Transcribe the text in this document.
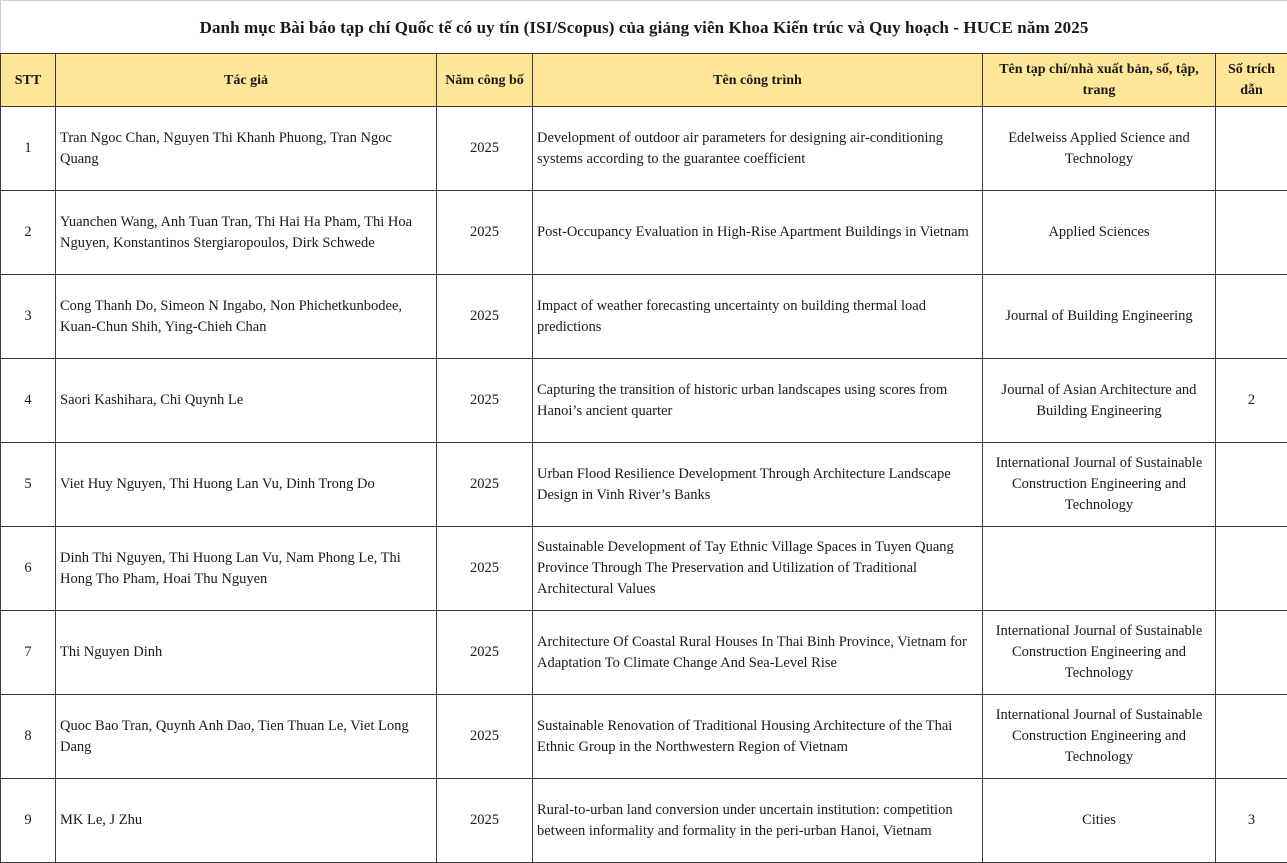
Danh mục Bài báo tạp chí Quốc tế có uy tín (ISI/Scopus) của giảng viên Khoa Kiến trúc và Quy hoạch - HUCE năm 2025					
STT	Tác giả	Năm công bố	Tên công trình	Tên tạp chí/nhà xuất bản, số, tập, trang	Số trích dẫn
1	Tran Ngoc Chan, Nguyen Thi Khanh Phuong, Tran Ngoc Quang	2025	Development of outdoor air parameters for designing air-conditioning systems according to the guarantee coefficient	Edelweiss Applied Science and Technology	
2	Yuanchen Wang, Anh Tuan Tran, Thi Hai Ha Pham, Thi Hoa Nguyen, Konstantinos Stergiaropoulos, Dirk Schwede	2025	Post-Occupancy Evaluation in High-Rise Apartment Buildings in Vietnam	Applied Sciences	
3	Cong Thanh Do, Simeon N Ingabo, Non Phichetkunbodee, Kuan-Chun Shih, Ying-Chieh Chan	2025	Impact of weather forecasting uncertainty on building thermal load predictions	Journal of Building Engineering	
4	Saori Kashihara, Chi Quynh Le	2025	Capturing the transition of historic urban landscapes using scores from Hanoi’s ancient quarter	Journal of Asian Architecture and Building Engineering	2
5	Viet Huy Nguyen, Thi Huong Lan Vu, Dinh Trong Do	2025	Urban Flood Resilience Development Through Architecture Landscape Design in Vinh River’s Banks	International Journal of Sustainable Construction Engineering and Technology	
6	Dinh Thi Nguyen, Thi Huong Lan Vu, Nam Phong Le, Thi Hong Tho Pham, Hoai Thu Nguyen	2025	Sustainable Development of Tay Ethnic Village Spaces in Tuyen Quang Province Through The Preservation and Utilization of Traditional Architectural Values		
7	Thi Nguyen Dinh	2025	Architecture Of Coastal Rural Houses In Thai Binh Province, Vietnam for Adaptation To Climate Change And Sea-Level Rise	International Journal of Sustainable Construction Engineering and Technology	
8	Quoc Bao Tran, Quynh Anh Dao, Tien Thuan Le, Viet Long Dang	2025	Sustainable Renovation of Traditional Housing Architecture of the Thai Ethnic Group in the Northwestern Region of Vietnam	International Journal of Sustainable Construction Engineering and Technology	
9	MK Le, J Zhu	2025	Rural-to-urban land conversion under uncertain institution: competition between informality and formality in the peri-urban Hanoi, Vietnam	Cities	3
